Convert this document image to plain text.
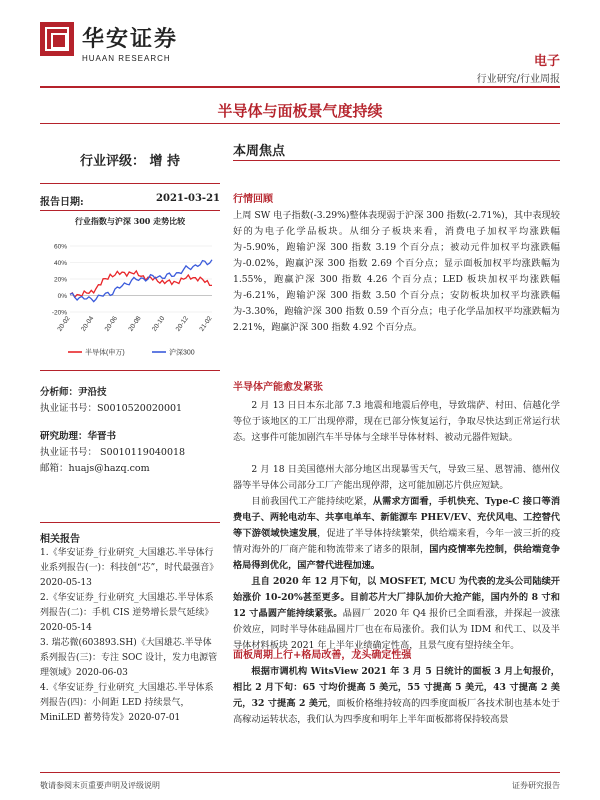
华安证券
HUAAN RESEARCH	电子
行业研究/行业周报
半导体与面板景气度持续
行业评级： 增 持
报告日期:	2021-03-21
行业指数与沪深 300 走势比较
60%
40%
20%
0%
-20%
20-02 20-04 20-06 20-08 20-10 20-12 21-02
半导体(申万)	沪深300
分析师：尹沿技
执业证书号：S0010520020001
研究助理：华晋书
执业证书号： S0010119040018
邮箱：huajs@hazq.com
相关报告
1.《华安证券_行业研究_大国雄芯.半导体行业系列报告(一)：科技创“芯”，时代最强音》2020-05-13
2.《华安证券_行业研究_大国雄芯.半导体系列报告(二)：手机 CIS 逆势增长景气延续》2020-05-14
3. 瑞芯微(603893.SH)《大国雄芯.半导体系列报告(三)：专注 SOC 设计，发力电源管理领域》2020-06-03
4.《华安证券_行业研究_大国雄芯.半导体系列报告(四)：小间距 LED 持续景气，MiniLED 蓄势待发》2020-07-01
本周焦点
行情回顾
上周 SW 电子指数(-3.29%)整体表现弱于沪深 300 指数(-2.71%)，其中表现较好的为电子化学品板块。从细分子板块来看，消费电子加权平均涨跌幅为-5.90%，跑输沪深 300 指数 3.19 个百分点；被动元件加权平均涨跌幅为-0.02%，跑赢沪深 300 指数 2.69 个百分点；显示面板加权平均涨跌幅为 1.55%，跑赢沪深 300 指数 4.26 个百分点；LED 板块加权平均涨跌幅为-6.21%，跑输沪深 300 指数 3.50 个百分点；安防板块加权平均涨跌幅为-3.30%，跑输沪深 300 指数 0.59 个百分点；电子化学品加权平均涨跌幅为 2.21%，跑赢沪深 300 指数 4.92 个百分点。
半导体产能愈发紧张
2 月 13 日日本东北部 7.3 地震和地震后停电，导致瑞萨、村田、信越化学等位于该地区的工厂出现停滞，现在已部分恢复运行，争取尽快达到正常运行状态。这事件可能加剧汽车半导体与全球半导体材料、被动元器件短缺。
2 月 18 日美国德州大部分地区出现暴雪天气，导致三星、恩智浦、德州仪器等半导体公司部分工厂产能出现停滞，这可能加剧芯片供应短缺。
目前我国代工产能持续吃紧，从需求方面看，手机快充、Type-C 接口等消费电子、两轮电动车、共享电单车、新能源车 PHEV/EV、充伏风电、工控替代等下游领域快速发展，促进了半导体持续繁荣，供给端来看，今年一波三折的疫情对海外的厂商产能和物流带来了诸多的限制，国内疫情率先控制，供给端竞争格局得到优化，国产替代进程加速。
且自 2020 年 12 月下旬，以 MOSFET, MCU 为代表的龙头公司陆续开始涨价 10-20%甚至更多。目前芯片大厂排队加价大抢产能，国内外的 8 寸和 12 寸晶圆产能持续紧张。晶圆厂 2020 年 Q4 报价已全面看涨，并探起一波涨价效应，同时半导体硅晶圆片厂也在布局涨价。我们认为 IDM 和代工、以及半导体材料板块 2021 年上半年业绩确定性高，且景气度有望持续全年。
面板周期上行+格局改善，龙头确定性强
根据市调机构 WitsView 2021 年 3 月 5 日统计的面板 3 月上旬报价，相比 2 月下旬：65 寸均价提高 5 美元，55 寸提高 5 美元，43 寸提高 2 美元，32 寸提高 2 美元，面板价格维持较高的四季度面板厂各技术制也基本处于高稼动运转状态，我们认为四季度和明年上半年面板都将保持较高景
敬请参阅末页重要声明及评级说明	证券研究报告
